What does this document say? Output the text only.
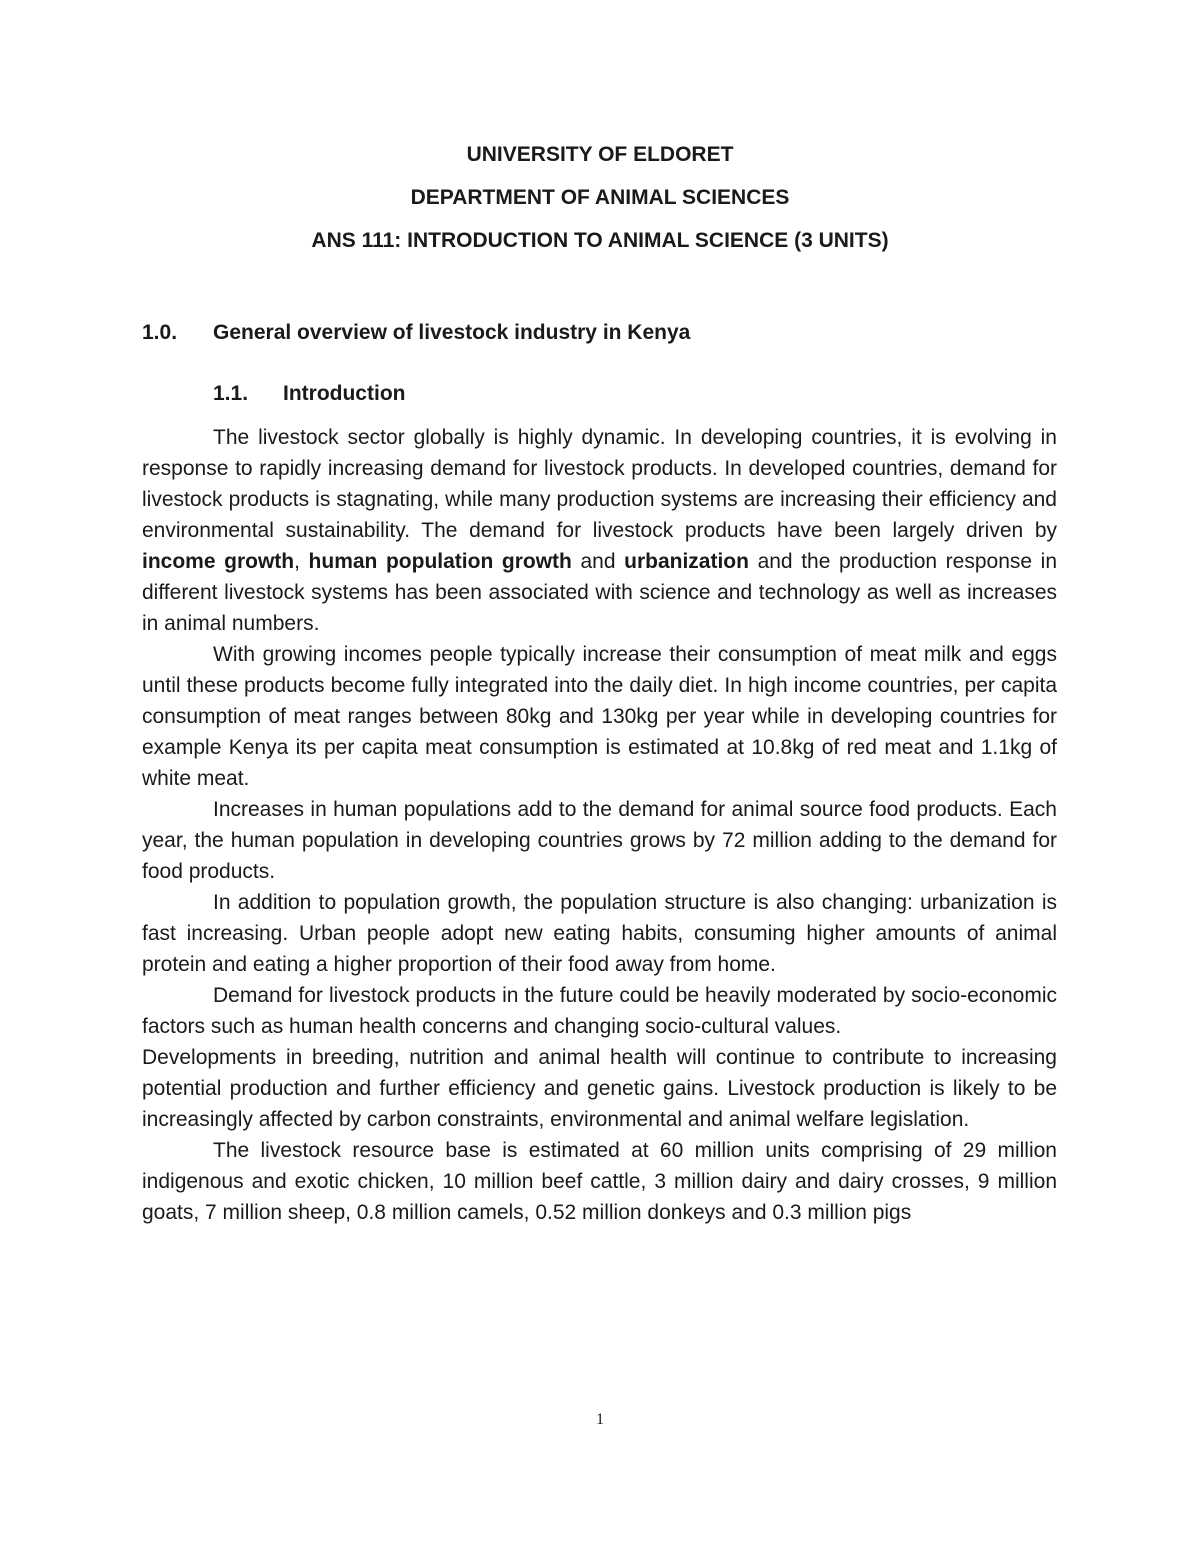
UNIVERSITY OF ELDORET
DEPARTMENT OF ANIMAL SCIENCES
ANS 111: INTRODUCTION TO ANIMAL SCIENCE (3 UNITS)
1.0. General overview of livestock industry in Kenya
1.1. Introduction

The livestock sector globally is highly dynamic. In developing countries, it is evolving in response to rapidly increasing demand for livestock products. In developed countries, demand for livestock products is stagnating, while many production systems are increasing their efficiency and environmental sustainability. The demand for livestock products have been largely driven by income growth, human population growth and urbanization and the production response in different livestock systems has been associated with science and technology as well as increases in animal numbers.

With growing incomes people typically increase their consumption of meat milk and eggs until these products become fully integrated into the daily diet. In high income countries, per capita consumption of meat ranges between 80kg and 130kg per year while in developing countries for example Kenya its per capita meat consumption is estimated at 10.8kg of red meat and 1.1kg of white meat.

Increases in human populations add to the demand for animal source food products. Each year, the human population in developing countries grows by 72 million adding to the demand for food products.

In addition to population growth, the population structure is also changing: urbanization is fast increasing. Urban people adopt new eating habits, consuming higher amounts of animal protein and eating a higher proportion of their food away from home.

Demand for livestock products in the future could be heavily moderated by socio-economic factors such as human health concerns and changing socio-cultural values.

Developments in breeding, nutrition and animal health will continue to contribute to increasing potential production and further efficiency and genetic gains. Livestock production is likely to be increasingly affected by carbon constraints, environmental and animal welfare legislation.

The livestock resource base is estimated at 60 million units comprising of 29 million indigenous and exotic chicken, 10 million beef cattle, 3 million dairy and dairy crosses, 9 million goats, 7 million sheep, 0.8 million camels, 0.52 million donkeys and 0.3 million pigs

1
